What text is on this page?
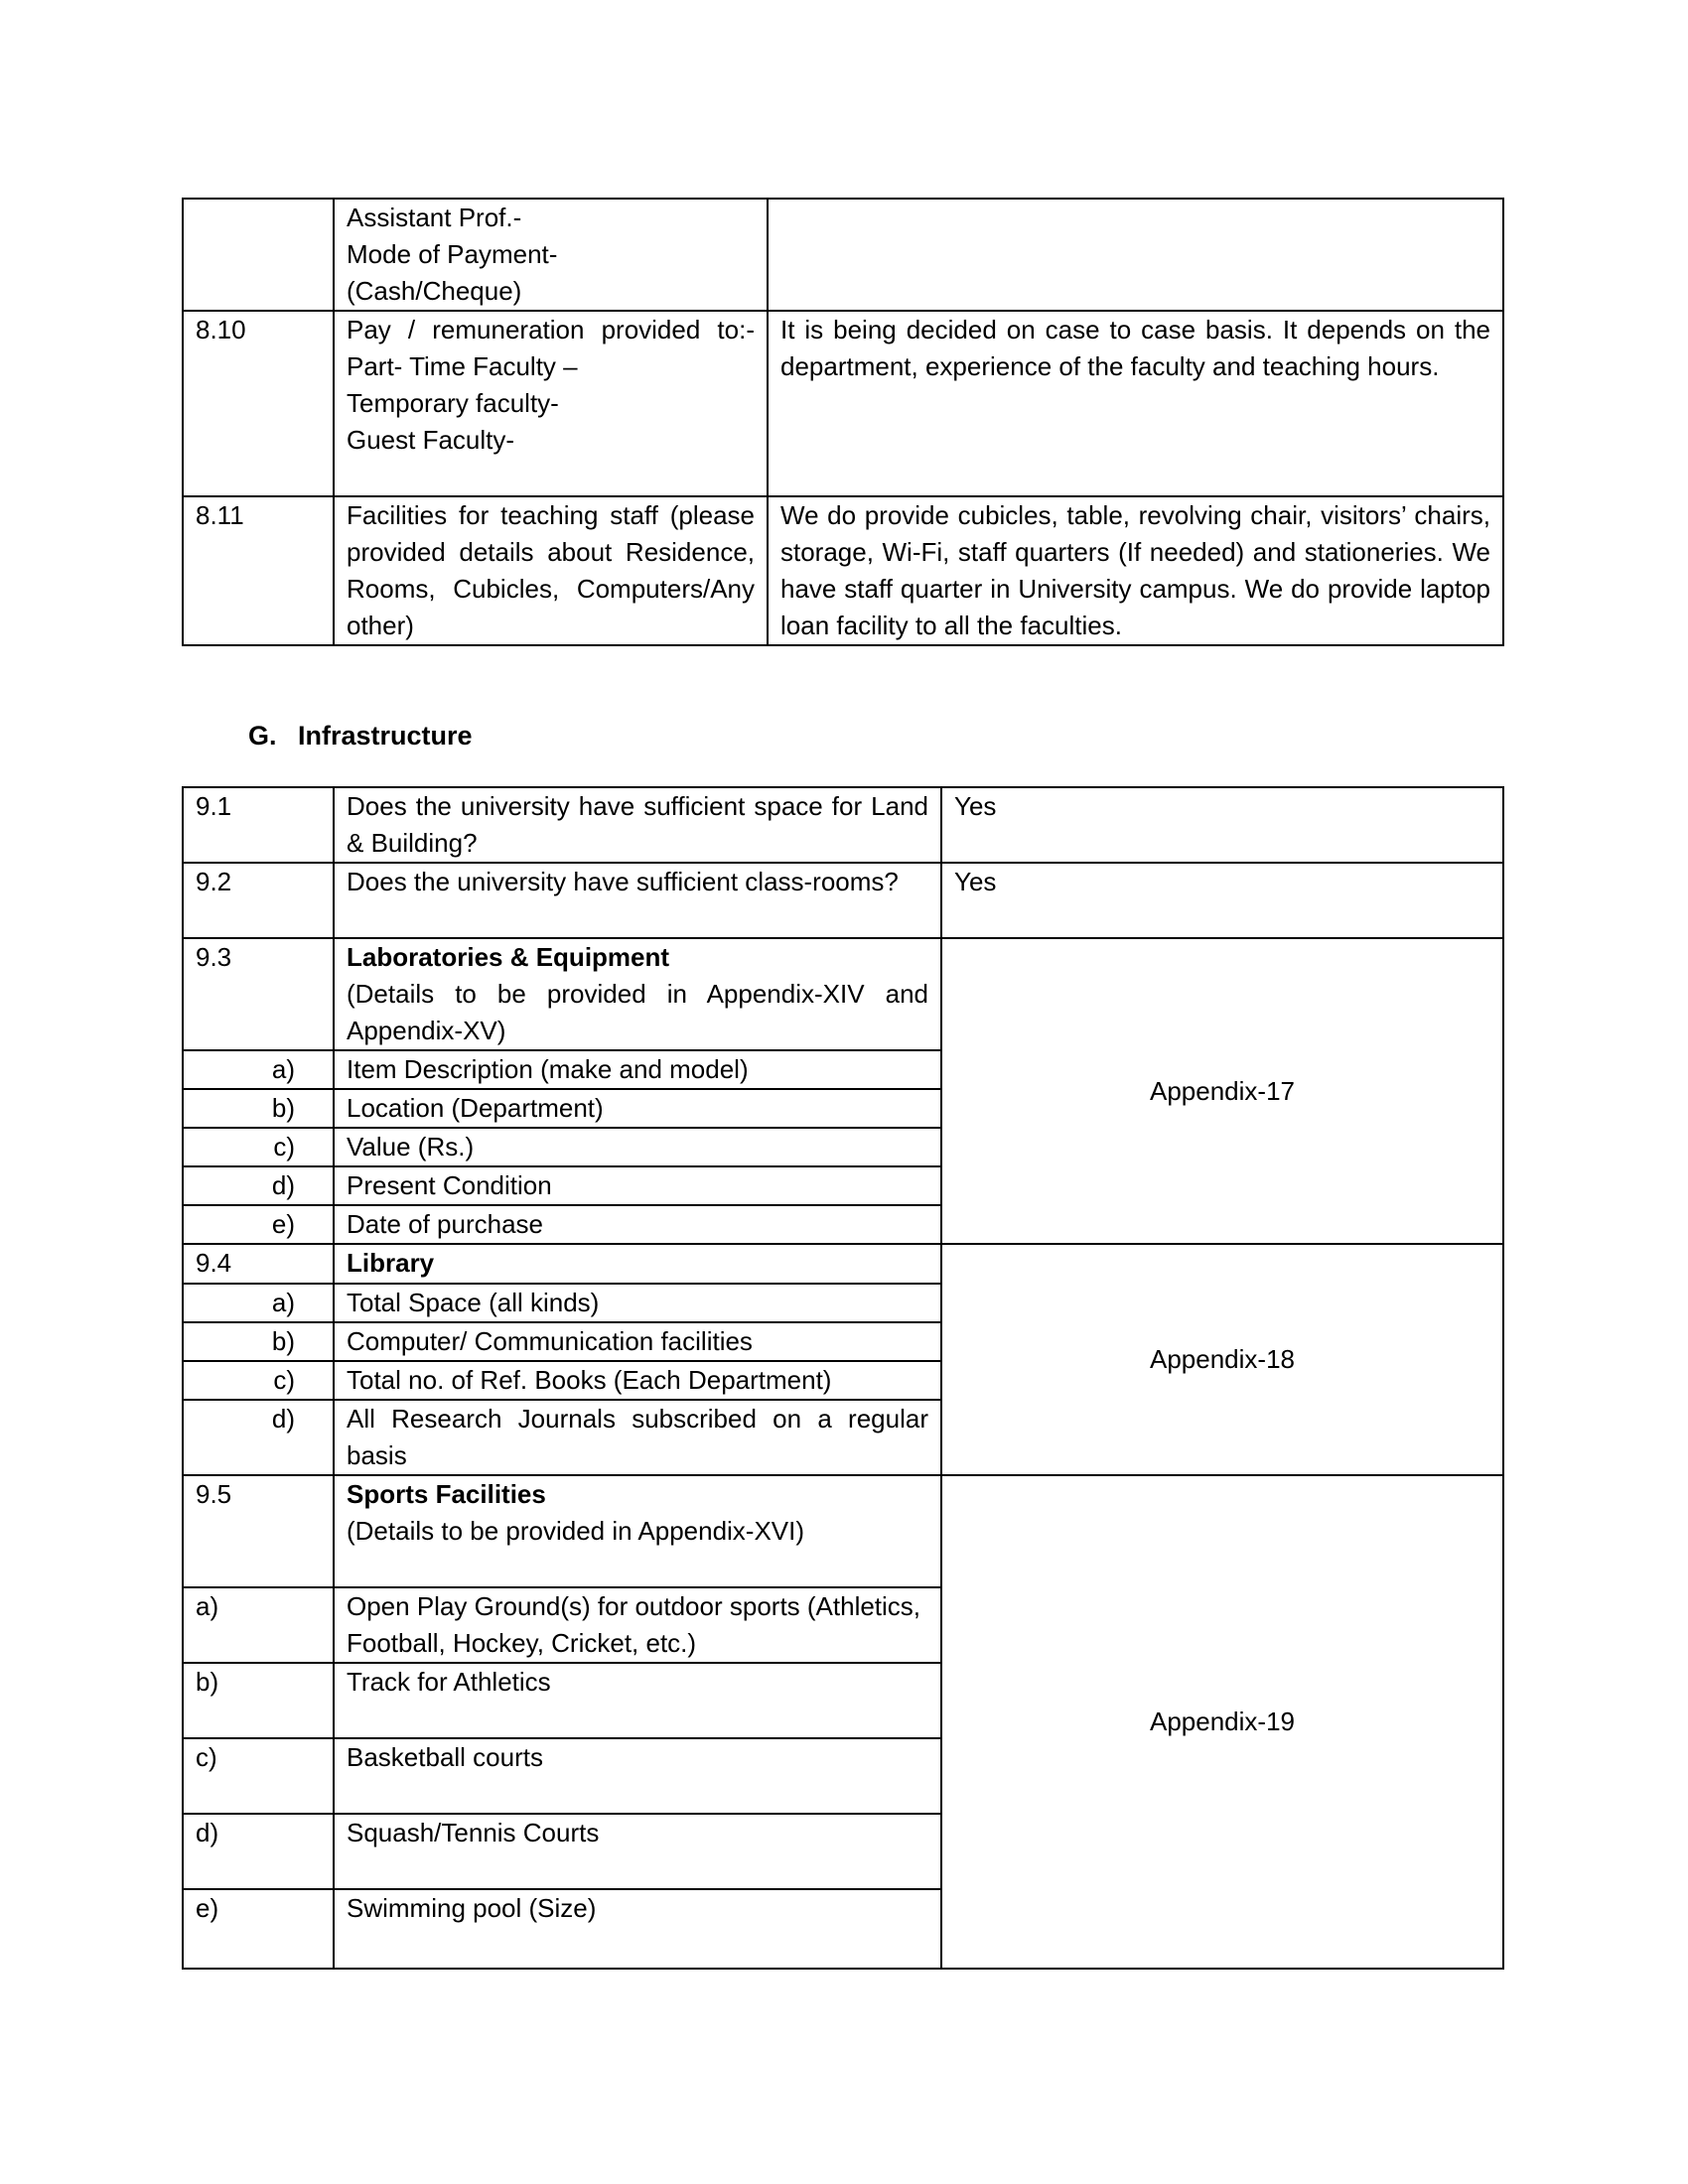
	Assistant Prof.-
Mode of Payment-
(Cash/Cheque)	

8.10	Pay / remuneration provided to:-
Part- Time Faculty –
Temporary faculty-
Guest Faculty-	It is being decided on case to case basis. It depends on the department, experience of the faculty and teaching hours.
8.11	Facilities for teaching staff (please provided details about Residence, Rooms, Cubicles, Computers/Any other)	We do provide cubicles, table, revolving chair, visitors’ chairs, storage, Wi-Fi, staff quarters (If needed) and stationeries. We have staff quarter in University campus. We do provide laptop loan facility to all the faculties.
G. Infrastructure
9.1	Does the university have sufficient space for Land & Building?	Yes
9.2	Does the university have sufficient class-rooms?	Yes
9.3	Laboratories & Equipment
(Details to be provided in Appendix-XIV and Appendix-XV)	Appendix-17
a)	Item Description (make and model)	
b)	Location (Department)	
c)	Value (Rs.)	
d)	Present Condition	
e)	Date of purchase	
9.4	Library	Appendix-18
a)	Total Space (all kinds)	
b)	Computer/ Communication facilities	
c)	Total no. of Ref. Books (Each Department)	
d)	All Research Journals subscribed on a regular basis	
9.5	Sports Facilities
(Details to be provided in Appendix-XVI)	Appendix-19
a)	Open Play Ground(s) for outdoor sports (Athletics, Football, Hockey, Cricket, etc.)	
b)	Track for Athletics	
c)	Basketball courts	
d)	Squash/Tennis Courts	
e)	Swimming pool (Size)	
